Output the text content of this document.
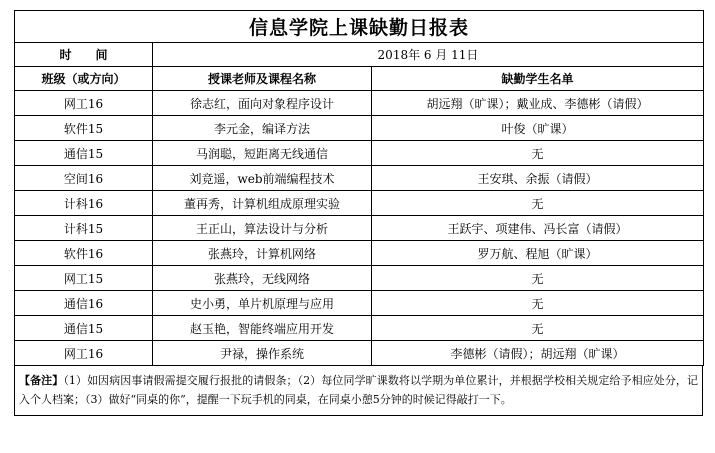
信息学院上课缺勤日报表		
时　　间	2018年 6 月 11日	
班级（或方向）	授课老师及课程名称	缺勤学生名单
网工16	徐志红，面向对象程序设计	胡远翔（旷课）；戴业成、李德彬（请假）
软件15	李元金，编译方法	叶俊（旷课）
通信15	马润聪，短距离无线通信	无
空间16	刘竞遥，web前端编程技术	王安琪、余振（请假）
计科16	董再秀，计算机组成原理实验	无
计科15	王正山，算法设计与分析	王跃宇、项建伟、冯长富（请假）
软件16	张燕玲，计算机网络	罗万航、程旭（旷课）
网工15	张燕玲，无线网络	无
通信16	史小勇，单片机原理与应用	无
通信15	赵玉艳，智能终端应用开发	无
网工16	尹禄，操作系统	李德彬（请假）；胡远翔（旷课）
【备注】（1）如因病因事请假需提交履行报批的请假条；（2）每位同学旷课数将以学期为单位累计，并根据学校相关规定给予相应处分，记入个人档案；（3）做好“同桌的你”，提醒一下玩手机的同桌，在同桌小憩5分钟的时候记得敲打一下。
